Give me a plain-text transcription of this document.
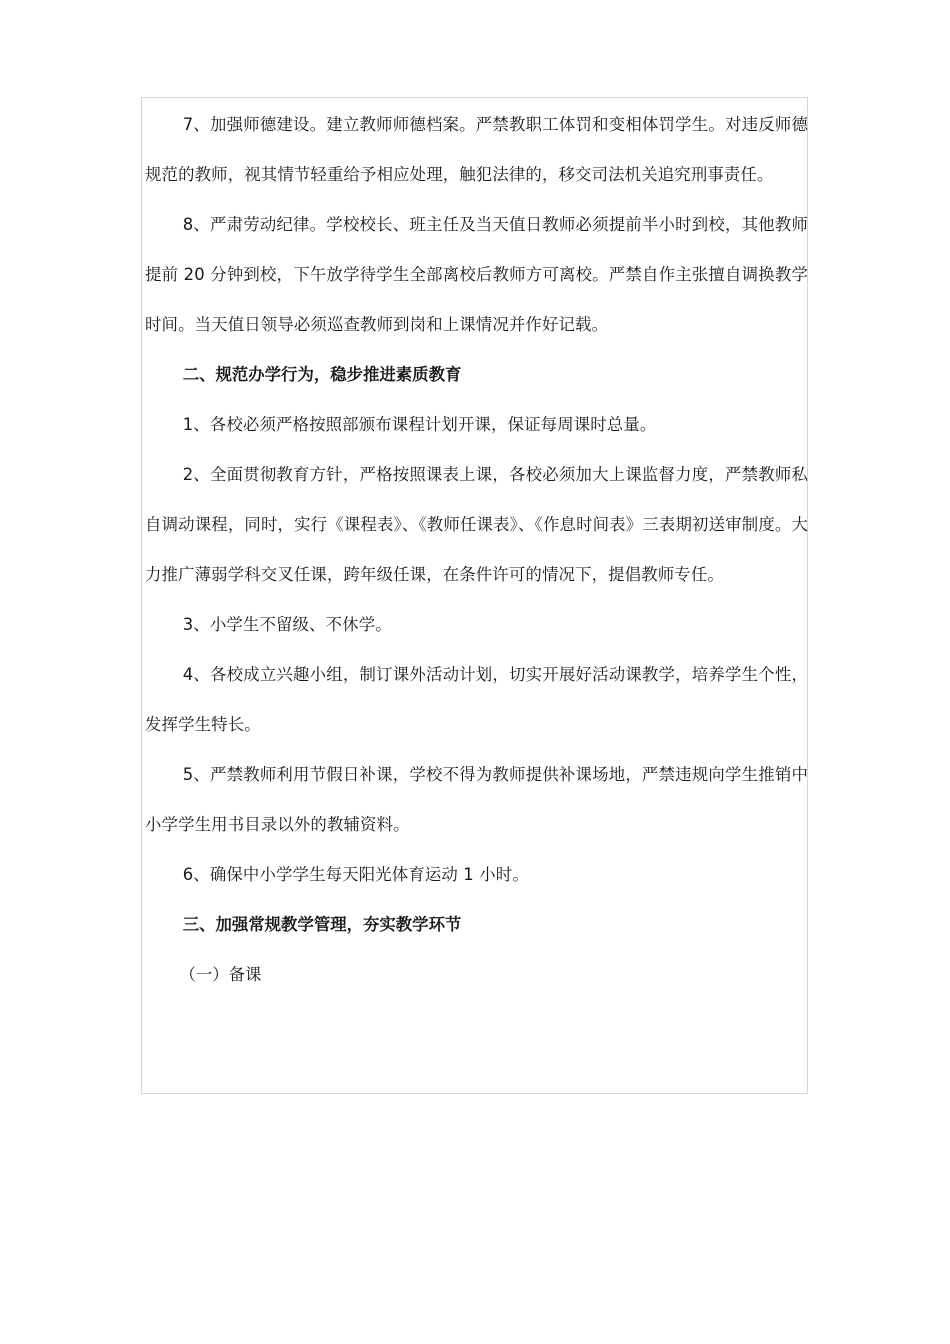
7、加强师德建设。建立教师师德档案。严禁教职工体罚和变相体罚学生。对违反师德规范的教师，视其情节轻重给予相应处理，触犯法律的，移交司法机关追究刑事责任。

8、严肃劳动纪律。学校校长、班主任及当天值日教师必须提前半小时到校，其他教师提前 20 分钟到校，下午放学待学生全部离校后教师方可离校。严禁自作主张擅自调换教学时间。当天值日领导必须巡查教师到岗和上课情况并作好记载。

二、规范办学行为，稳步推进素质教育

1、各校必须严格按照部颁布课程计划开课，保证每周课时总量。

2、全面贯彻教育方针，严格按照课表上课，各校必须加大上课监督力度，严禁教师私自调动课程，同时，实行《课程表》、《教师任课表》、《作息时间表》三表期初送审制度。大力推广薄弱学科交叉任课，跨年级任课，在条件许可的情况下，提倡教师专任。

3、小学生不留级、不休学。

4、各校成立兴趣小组，制订课外活动计划，切实开展好活动课教学，培养学生个性，发挥学生特长。

5、严禁教师利用节假日补课，学校不得为教师提供补课场地，严禁违规向学生推销中小学学生用书目录以外的教辅资料。

6、确保中小学学生每天阳光体育运动 1 小时。

三、加强常规教学管理，夯实教学环节

（一）备课
